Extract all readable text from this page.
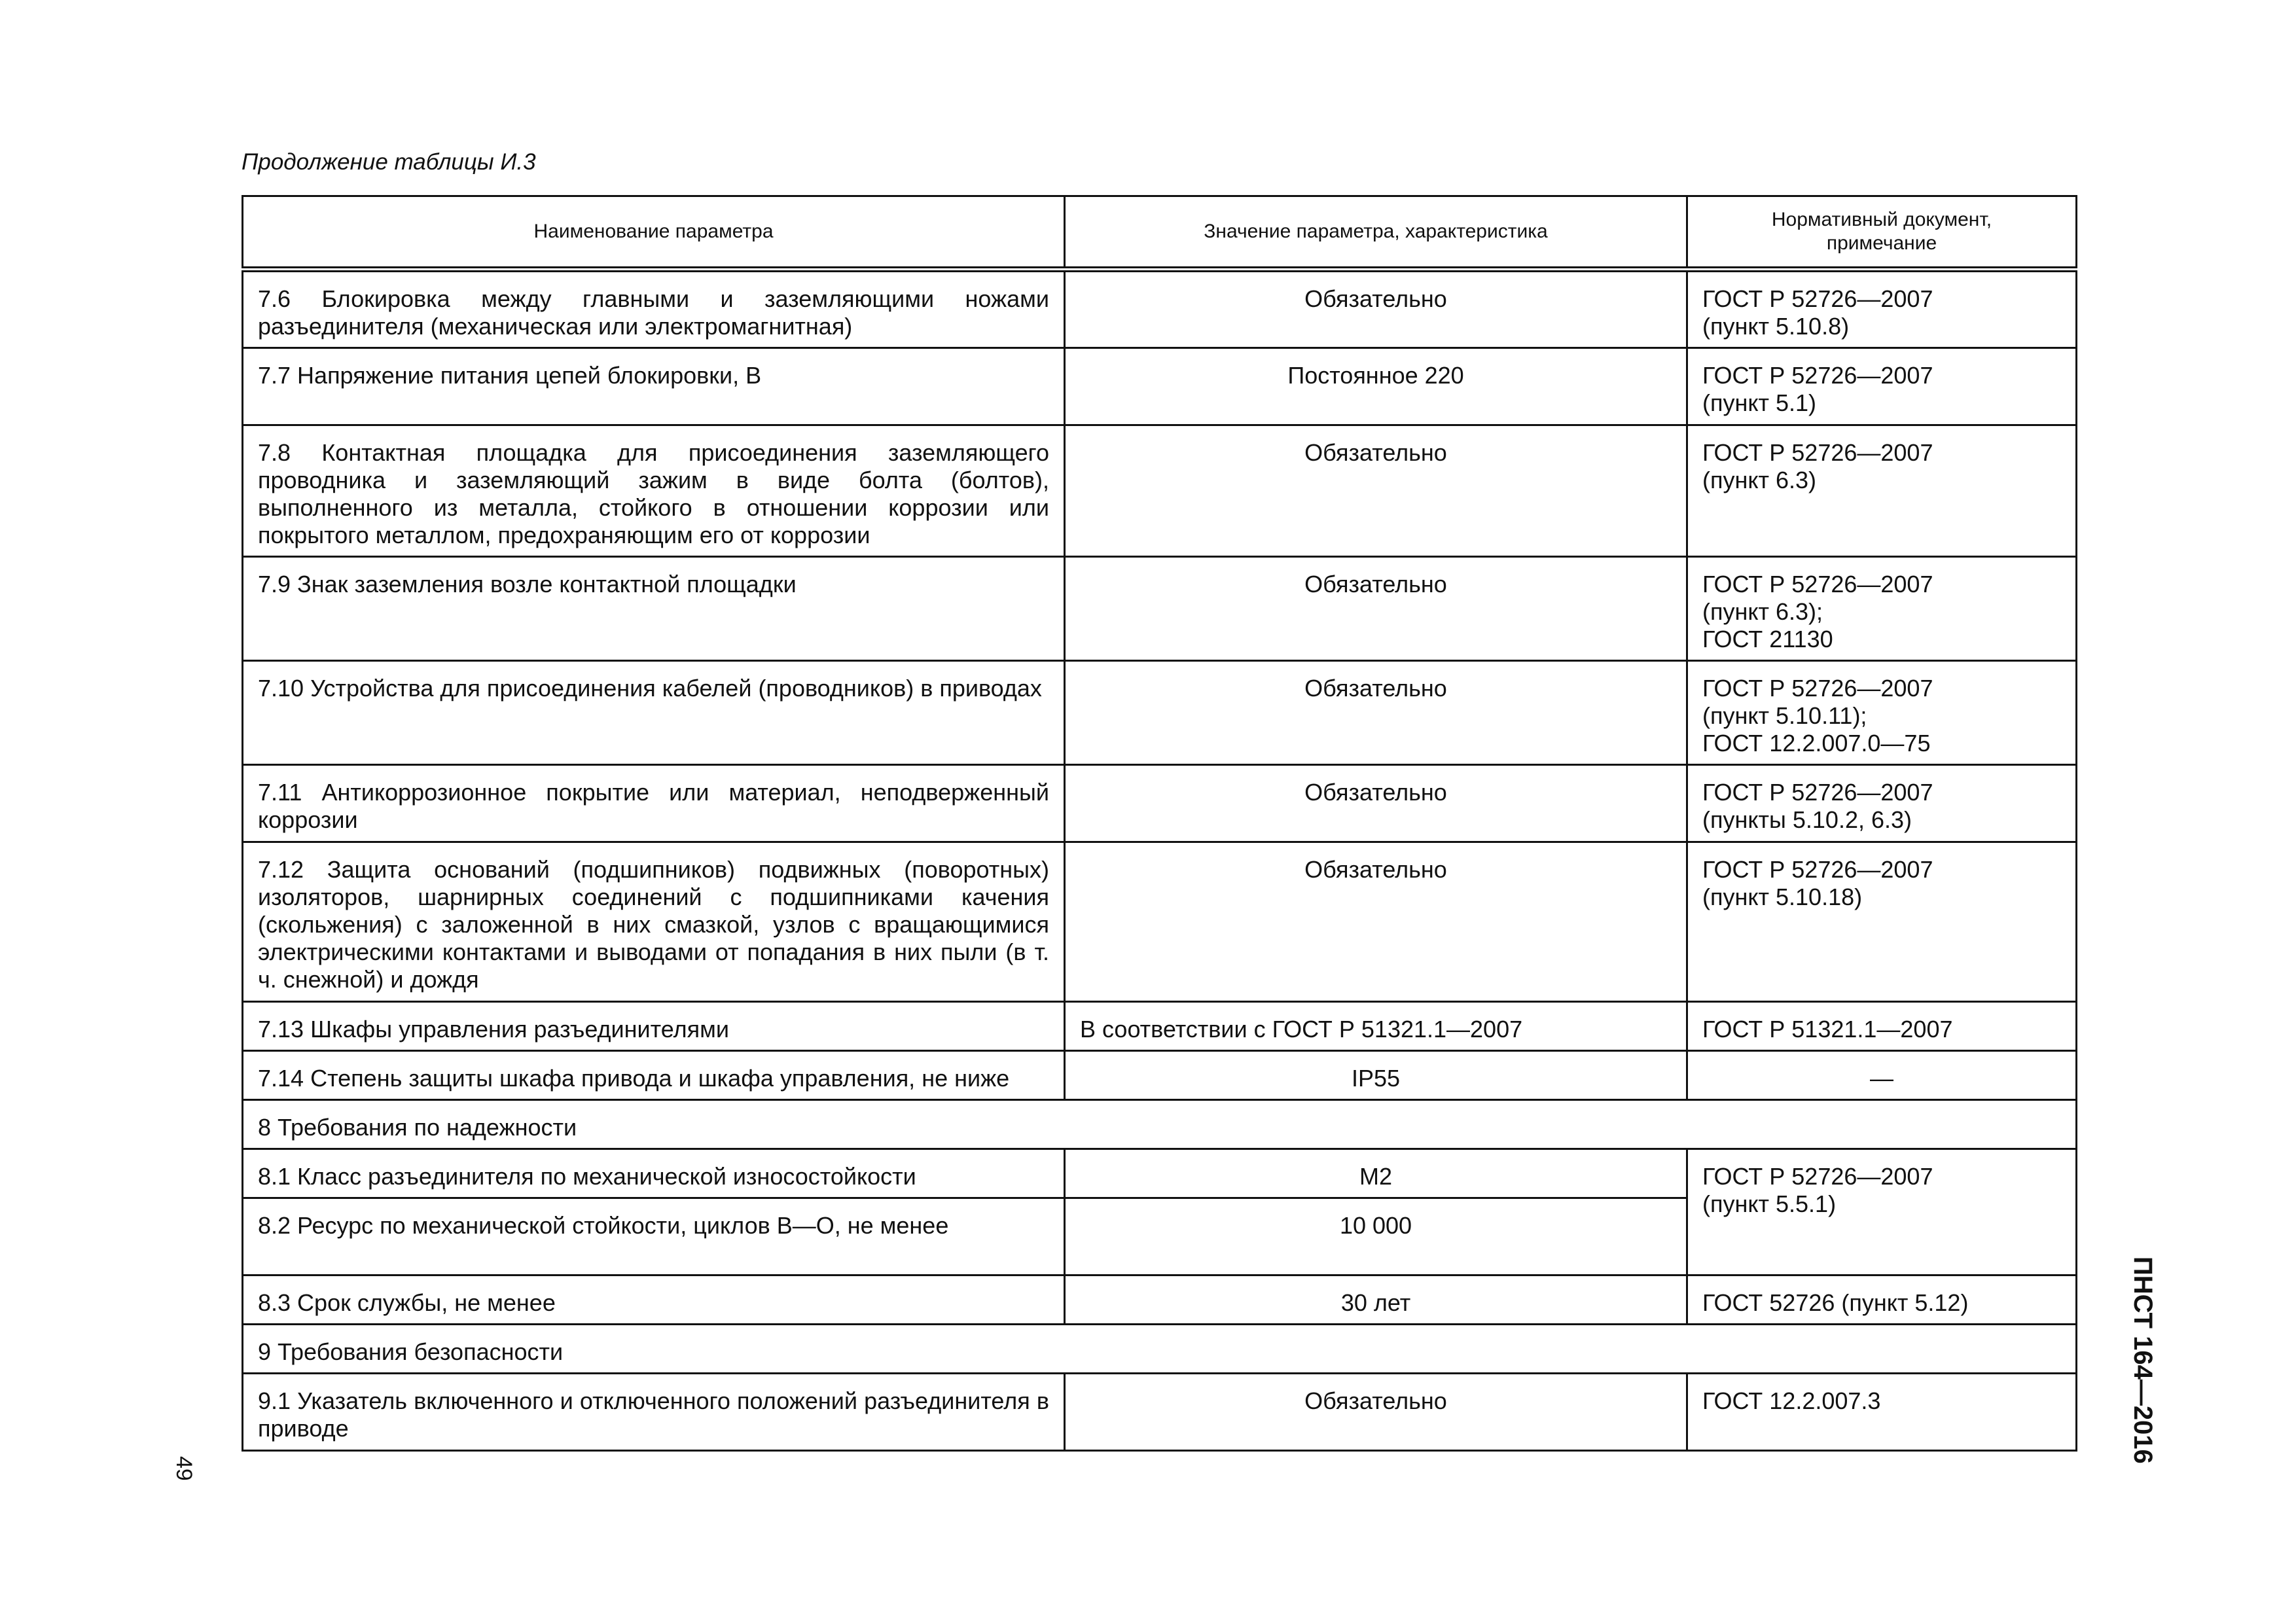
Продолжение таблицы И.3
Наименование параметра	Значение параметра, характеристика	Нормативный документ,
примечание

7.6 Блокировка между главными и заземляющими ножами разъединителя (механическая или электромагнитная)	Обязательно	ГОСТ Р 52726—2007
(пункт 5.10.8)

7.7 Напряжение питания цепей блокировки, В	Постоянное 220	ГОСТ Р 52726—2007
(пункт 5.1)

7.8 Контактная площадка для присоединения заземляющего проводника и заземляющий зажим в виде болта (болтов), выполненного из металла, стойкого в отношении коррозии или покрытого металлом, предохраняющим его от коррозии	Обязательно	ГОСТ Р 52726—2007
(пункт 6.3)

7.9 Знак заземления возле контактной площадки	Обязательно	ГОСТ Р 52726—2007
(пункт 6.3);
ГОСТ 21130

7.10 Устройства для присоединения кабелей (проводников) в приводах	Обязательно	ГОСТ Р 52726—2007
(пункт 5.10.11);
ГОСТ 12.2.007.0—75

7.11 Антикоррозионное покрытие или материал, неподверженный коррозии	Обязательно	ГОСТ Р 52726—2007
(пункты 5.10.2, 6.3)

7.12 Защита оснований (подшипников) подвижных (поворотных) изоляторов, шарнирных соединений с подшипниками качения (скольжения) с заложенной в них смазкой, узлов с вращающимися электрическими контактами и выводами от попадания в них пыли (в т. ч. снежной) и дождя	Обязательно	ГОСТ Р 52726—2007
(пункт 5.10.18)

7.13 Шкафы управления разъединителями	В соответствии с ГОСТ Р 51321.1—2007	ГОСТ Р 51321.1—2007

7.14 Степень защиты шкафа привода и шкафа управления, не ниже	IP55	—
8 Требования по надежности		
8.1 Класс разъединителя по механической износостойкости	М2	ГОСТ Р 52726—2007
(пункт 5.5.1)

8.2 Ресурс по механической стойкости, циклов В—О, не менее	10 000	
8.3 Срок службы, не менее	30 лет	ГОСТ 52726 (пункт 5.12)
9 Требования безопасности		
9.1 Указатель включенного и отключенного положений разъединителя в приводе	Обязательно	ГОСТ 12.2.007.3
49
ПНСТ 164—2016
